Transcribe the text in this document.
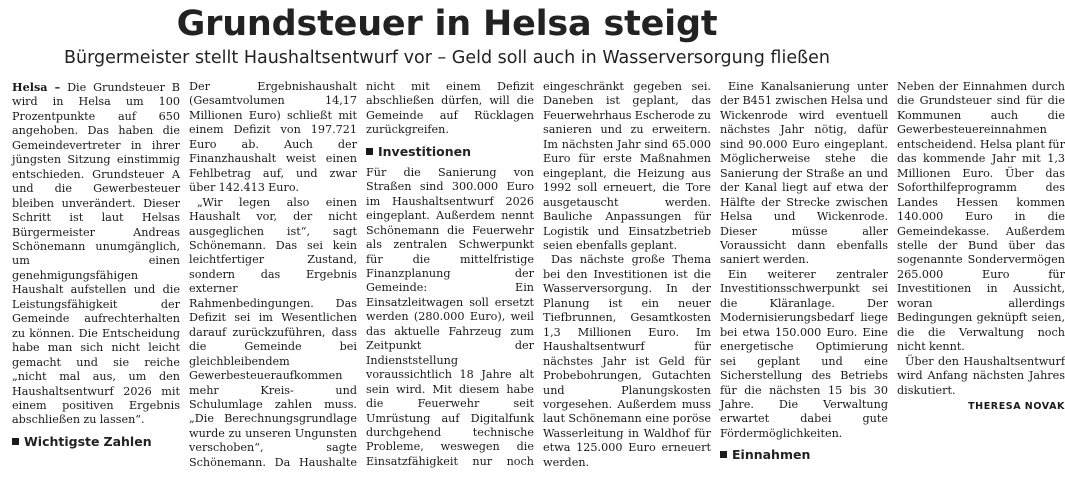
Grundsteuer in Helsa steigt
Bürgermeister stellt Haushaltsentwurf vor – Geld soll auch in Wasserversorgung fließen

Helsa – Die Grundsteuer B wird in Helsa um 100 Prozentpunkte auf 650 angehoben. Das haben die Gemeindevertreter in ihrer jüngsten Sitzung einstimmig entschieden. Grundsteuer A und die Gewerbesteuer bleiben unverändert. Dieser Schritt ist laut Helsas Bürgermeister Andreas Schönemann unumgänglich, um einen genehmigungsfähigen Haushalt aufstellen und die Leistungsfähigkeit der Gemeinde aufrechterhalten zu können. Die Entscheidung habe man sich nicht leicht gemacht und sie reiche „nicht mal aus, um den Haushaltsentwurf 2026 mit einem positiven Ergebnis abschließen zu lassen“.

Wichtigste Zahlen

Der Ergebnishaushalt (Gesamtvolumen 14,17 Millionen Euro) schließt mit einem Defizit von 197.721 Euro ab. Auch der Finanzhaushalt weist einen Fehlbetrag auf, und zwar über 142.413 Euro.

„Wir legen also einen Haushalt vor, der nicht ausgeglichen ist“, sagt Schönemann. Das sei kein leichtfertiger Zustand, sondern das Ergebnis externer Rahmenbedingungen. Das Defizit sei im Wesentlichen darauf zurückzuführen, dass die Gemeinde bei gleichbleibendem Gewerbesteueraufkommen mehr Kreis- und Schulumlage zahlen muss. „Die Berechnungsgrundlage wurde zu unseren Ungunsten verschoben“, sagte Schönemann. Da Haushalte nicht mit einem Defizit abschließen dürfen, will die Gemeinde auf Rücklagen zurückgreifen.

Investitionen

Für die Sanierung von Straßen sind 300.000 Euro im Haushaltsentwurf 2026 eingeplant. Außerdem nennt Schönemann die Feuerwehr als zentralen Schwerpunkt für die mittelfristige Finanzplanung der Gemeinde: Ein Einsatzleitwagen soll ersetzt werden (280.000 Euro), weil das aktuelle Fahrzeug zum Zeitpunkt der Indienststellung voraussichtlich 18 Jahre alt sein wird. Mit diesem habe die Feuerwehr seit Umrüstung auf Digitalfunk durchgehend technische Probleme, weswegen die Einsatzfähigkeit nur noch eingeschränkt gegeben sei. Daneben ist geplant, das Feuerwehrhaus Escherode zu sanieren und zu erweitern. Im nächsten Jahr sind 65.000 Euro für erste Maßnahmen eingeplant, die Heizung aus 1992 soll erneuert, die Tore ausgetauscht werden. Bauliche Anpassungen für Logistik und Einsatzbetrieb seien ebenfalls geplant.

Das nächste große Thema bei den Investitionen ist die Wasserversorgung. In der Planung ist ein neuer Tiefbrunnen, Gesamtkosten 1,3 Millionen Euro. Im Haushaltsentwurf für nächstes Jahr ist Geld für Probebohrungen, Gutachten und Planungskosten vorgesehen. Außerdem muss laut Schönemann eine poröse Wasserleitung in Waldhof für etwa 125.000 Euro erneuert werden.

Eine Kanalsanierung unter der B451 zwischen Helsa und Wickenrode wird eventuell nächstes Jahr nötig, dafür sind 90.000 Euro eingeplant. Möglicherweise stehe die Sanierung der Straße an und der Kanal liegt auf etwa der Hälfte der Strecke zwischen Helsa und Wickenrode. Dieser müsse aller Voraussicht dann ebenfalls saniert werden.

Ein weiterer zentraler Investitionsschwerpunkt sei die Kläranlage. Der Modernisierungsbedarf liege bei etwa 150.000 Euro. Eine energetische Optimierung sei geplant und eine Sicherstellung des Betriebs für die nächsten 15 bis 30 Jahre. Die Verwaltung erwartet dabei gute Fördermöglichkeiten.

Einnahmen

Neben der Einnahmen durch die Grundsteuer sind für die Kommunen auch die Gewerbesteuereinnahmen entscheidend. Helsa plant für das kommende Jahr mit 1,3 Millionen Euro. Über das Soforthilfeprogramm des Landes Hessen kommen 140.000 Euro in die Gemeindekasse. Außerdem stelle der Bund über das sogenannte Sondervermögen 265.000 Euro für Investitionen in Aussicht, woran allerdings Bedingungen geknüpft seien, die die Verwaltung noch nicht kennt.

Über den Haushaltsentwurf wird Anfang nächsten Jahres diskutiert.

THERESA NOVAK
